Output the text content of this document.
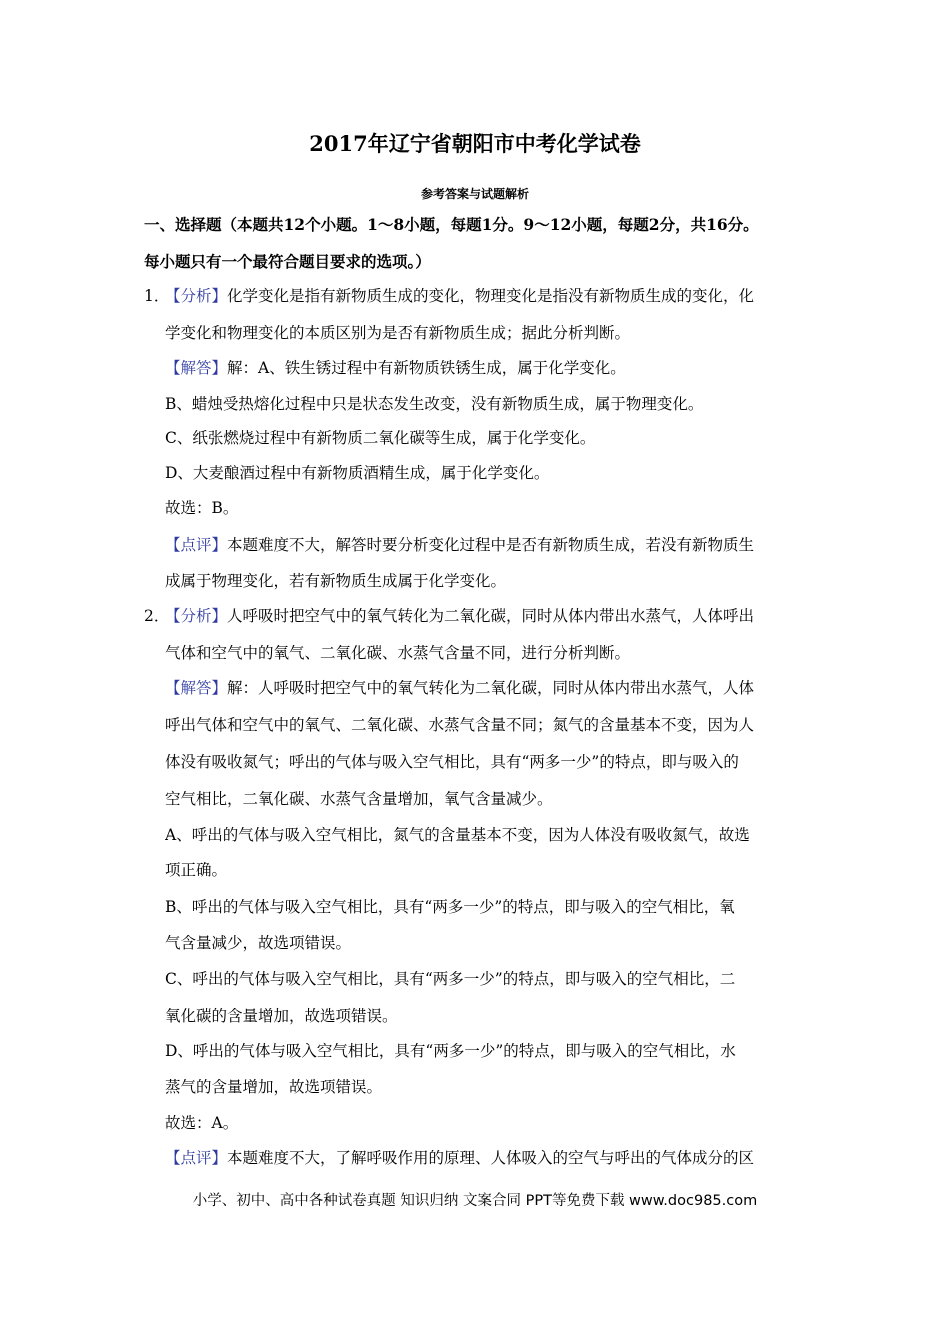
2017年辽宁省朝阳市中考化学试卷
参考答案与试题解析
一、选择题（本题共12个小题。1～8小题，每题1分。9～12小题，每题2分，共16分。
每小题只有一个最符合题目要求的选项。）
1．【分析】化学变化是指有新物质生成的变化，物理变化是指没有新物质生成的变化，化
学变化和物理变化的本质区别为是否有新物质生成；据此分析判断。
【解答】解：A、铁生锈过程中有新物质铁锈生成，属于化学变化。
B、蜡烛受热熔化过程中只是状态发生改变，没有新物质生成，属于物理变化。
C、纸张燃烧过程中有新物质二氧化碳等生成，属于化学变化。
D、大麦酿酒过程中有新物质酒精生成，属于化学变化。
故选：B。
【点评】本题难度不大，解答时要分析变化过程中是否有新物质生成，若没有新物质生
成属于物理变化，若有新物质生成属于化学变化。
2．【分析】人呼吸时把空气中的氧气转化为二氧化碳，同时从体内带出水蒸气，人体呼出
气体和空气中的氧气、二氧化碳、水蒸气含量不同，进行分析判断。
【解答】解：人呼吸时把空气中的氧气转化为二氧化碳，同时从体内带出水蒸气，人体
呼出气体和空气中的氧气、二氧化碳、水蒸气含量不同；氮气的含量基本不变，因为人
体没有吸收氮气；呼出的气体与吸入空气相比，具有“两多一少”的特点，即与吸入的
空气相比，二氧化碳、水蒸气含量增加，氧气含量减少。
A、呼出的气体与吸入空气相比，氮气的含量基本不变，因为人体没有吸收氮气，故选
项正确。
B、呼出的气体与吸入空气相比，具有“两多一少”的特点，即与吸入的空气相比，氧
气含量减少，故选项错误。
C、呼出的气体与吸入空气相比，具有“两多一少”的特点，即与吸入的空气相比，二
氧化碳的含量增加，故选项错误。
D、呼出的气体与吸入空气相比，具有“两多一少”的特点，即与吸入的空气相比，水
蒸气的含量增加，故选项错误。
故选：A。
【点评】本题难度不大，了解呼吸作用的原理、人体吸入的空气与呼出的气体成分的区
小学、初中、高中各种试卷真题 知识归纳 文案合同 PPT等免费下载 www.doc985.com
